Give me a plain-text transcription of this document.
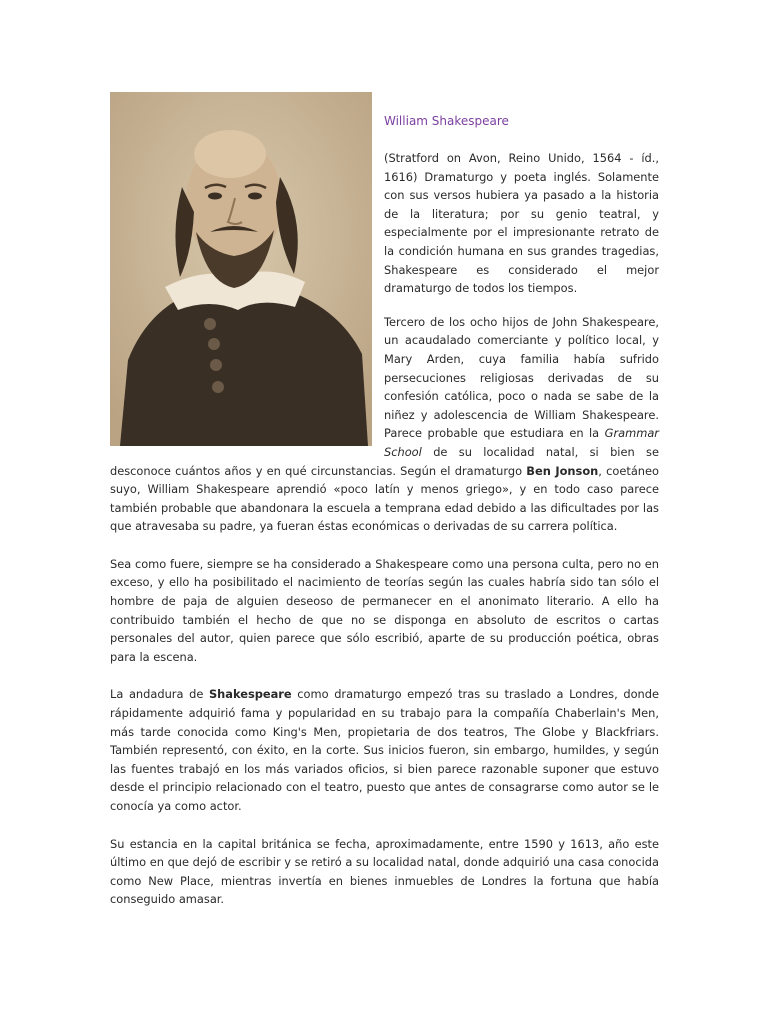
William Shakespeare

(Stratford on Avon, Reino Unido, 1564 - íd., 1616) Dramaturgo y poeta inglés. Solamente con sus versos hubiera ya pasado a la historia de la literatura; por su genio teatral, y especialmente por el impresionante retrato de la condición humana en sus grandes tragedias, Shakespeare es considerado el mejor dramaturgo de todos los tiempos.

Tercero de los ocho hijos de John Shakespeare, un acaudalado comerciante y político local, y Mary Arden, cuya familia había sufrido persecuciones religiosas derivadas de su confesión católica, poco o nada se sabe de la niñez y adolescencia de William Shakespeare. Parece probable que estudiara en la Grammar School de su localidad natal, si bien se desconoce cuántos años y en qué circunstancias. Según el dramaturgo Ben Jonson, coetáneo suyo, William Shakespeare aprendió «poco latín y menos griego», y en todo caso parece también probable que abandonara la escuela a temprana edad debido a las dificultades por las que atravesaba su padre, ya fueran éstas económicas o derivadas de su carrera política.

Sea como fuere, siempre se ha considerado a Shakespeare como una persona culta, pero no en exceso, y ello ha posibilitado el nacimiento de teorías según las cuales habría sido tan sólo el hombre de paja de alguien deseoso de permanecer en el anonimato literario. A ello ha contribuido también el hecho de que no se disponga en absoluto de escritos o cartas personales del autor, quien parece que sólo escribió, aparte de su producción poética, obras para la escena.

La andadura de Shakespeare como dramaturgo empezó tras su traslado a Londres, donde rápidamente adquirió fama y popularidad en su trabajo para la compañía Chaberlain's Men, más tarde conocida como King's Men, propietaria de dos teatros, The Globe y Blackfriars. También representó, con éxito, en la corte. Sus inicios fueron, sin embargo, humildes, y según las fuentes trabajó en los más variados oficios, si bien parece razonable suponer que estuvo desde el principio relacionado con el teatro, puesto que antes de consagrarse como autor se le conocía ya como actor.

Su estancia en la capital británica se fecha, aproximadamente, entre 1590 y 1613, año este último en que dejó de escribir y se retiró a su localidad natal, donde adquirió una casa conocida como New Place, mientras invertía en bienes inmuebles de Londres la fortuna que había conseguido amasar.
